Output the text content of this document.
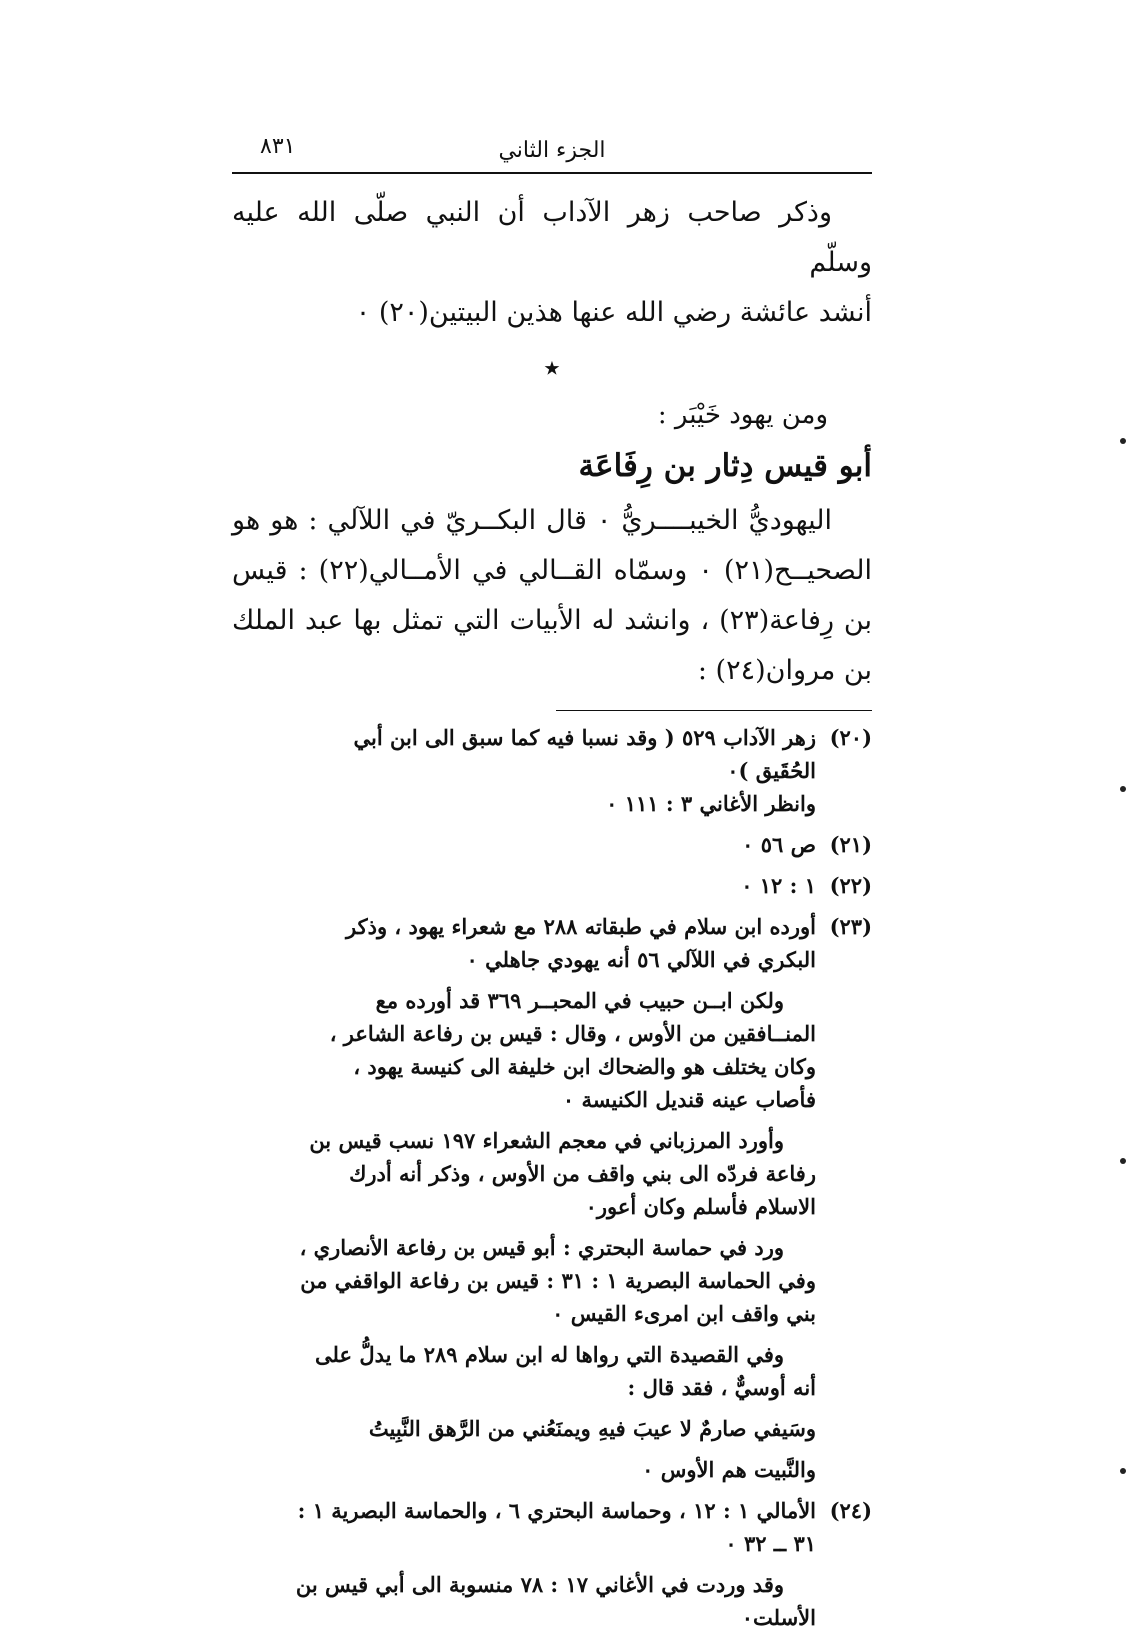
الجزء الثاني
٨٣١
وذكر صاحب زهر الآداب أن النبي صلّى الله عليه وسلّم
أنشد عائشة رضي الله عنها هذين البيتين(٢٠) ٠
٭
ومن يهود خَيْبَر :
أبو قيس دِثار بن رِفَاعَة
اليهوديُّ الخيبــــريُّ ٠ قال البكــريّ في اللآلي : هو هو الصحيــح(٢١) ٠ وسمّاه القــالي في الأمــالي(٢٢) : قيس بن رِفاعة(٢٣) ، وانشد له الأبيات التي تمثل بها عبد الملك بن مروان(٢٤) :
(٢٠)
زهر الآداب ٥٢٩ ( وقد نسبا فيه كما سبق الى ابن أبي الحُقَيق )٠
وانظر الأغاني ٣ : ١١١ ٠
(٢١)
ص ٥٦ ٠
(٢٢)
١ : ١٢ ٠
(٢٣)
أورده ابن سلام في طبقاته ٢٨٨ مع شعراء يهود ، وذكر البكري في اللآلي ٥٦ أنه يهودي جاهلي ٠
ولكن ابــن حبيب في المحبــر ٣٦٩ قد أورده مع المنــافقين من الأوس ، وقال : قيس بن رفاعة الشاعر ، وكان يختلف هو والضحاك ابن خليفة الى كنيسة يهود ، فأصاب عينه قنديل الكنيسة ٠
وأورد المرزباني في معجم الشعراء ١٩٧ نسب قيس بن رفاعة فردّه الى بني واقف من الأوس ، وذكر أنه أدرك الاسلام فأسلم وكان أعور٠
ورد في حماسة البحتري : أبو قيس بن رفاعة الأنصاري ، وفي الحماسة البصرية ١ : ٣١ : قيس بن رفاعة الواقفي من بني واقف ابن امرىء القيس ٠
وفي القصيدة التي رواها له ابن سلام ٢٨٩ ما يدلُّ على أنه أوسيٌّ ، فقد قال :
وسَيفي صارمٌ لا عيبَ فيهِ ويمنَعُني من الرَّهق النَّبِيتُ
والنَّبيت هم الأوس ٠
(٢٤)
الأمالي ١ : ١٢ ، وحماسة البحتري ٦ ، والحماسة البصرية ١ : ٣١ ــ ٣٢ ٠
وقد وردت في الأغاني ١٧ : ٧٨ منسوبة الى أبي قيس بن الأسلت٠
